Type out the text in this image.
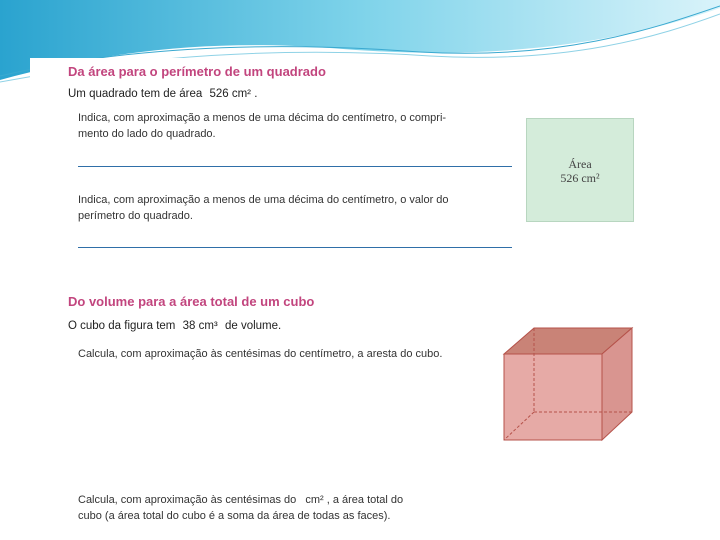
Da área para o perímetro de um quadrado
Um quadrado tem de área 526 cm² .
Indica, com aproximação a menos de uma décima do centímetro, o compri-
mento do lado do quadrado.
Indica, com aproximação a menos de uma décima do centímetro, o valor do
perímetro do quadrado.
Área
526 cm²
Do volume para a área total de um cubo
O cubo da figura tem 38 cm³ de volume.
Calcula, com aproximação às centésimas do centímetro, a aresta do cubo.
Calcula, com aproximação às centésimas do cm² , a área total do
cubo (a área total do cubo é a soma da área de todas as faces).
